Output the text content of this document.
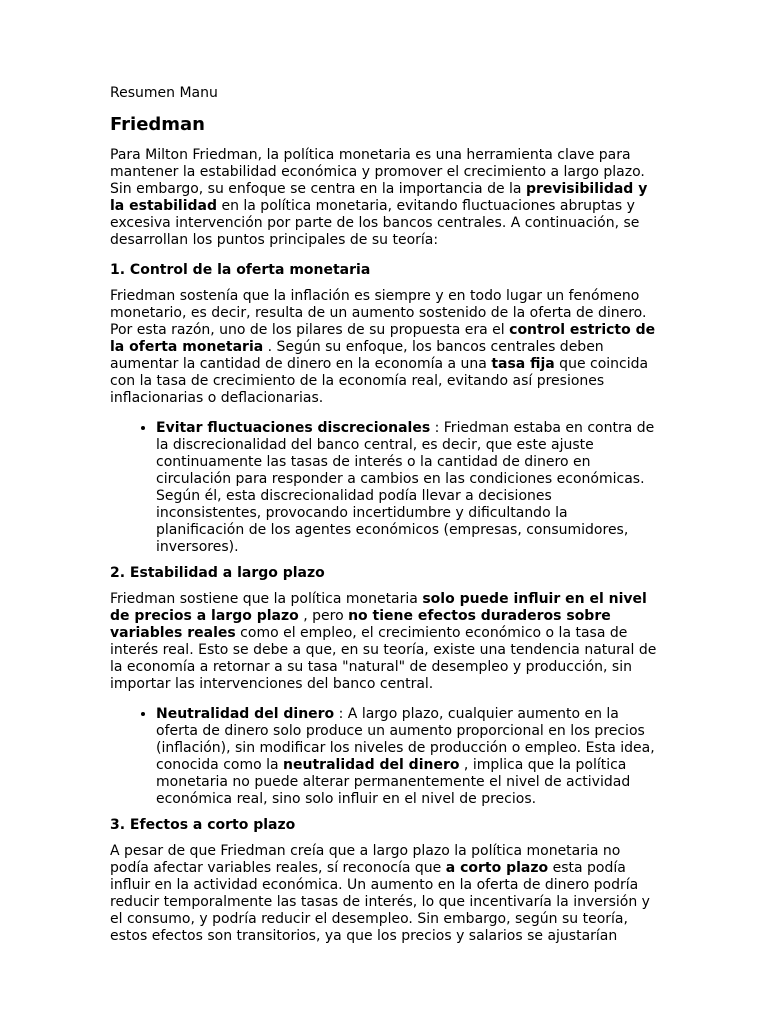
Resumen Manu
Friedman

Para Milton Friedman, la política monetaria es una herramienta clave para mantener la estabilidad económica y promover el crecimiento a largo plazo. Sin embargo, su enfoque se centra en la importancia de la previsibilidad y la estabilidad en la política monetaria, evitando fluctuaciones abruptas y excesiva intervención por parte de los bancos centrales. A continuación, se desarrollan los puntos principales de su teoría:

1. Control de la oferta monetaria

Friedman sostenía que la inflación es siempre y en todo lugar un fenómeno monetario, es decir, resulta de un aumento sostenido de la oferta de dinero. Por esta razón, uno de los pilares de su propuesta era el control estricto de la oferta monetaria . Según su enfoque, los bancos centrales deben aumentar la cantidad de dinero en la economía a una tasa fija que coincida con la tasa de crecimiento de la economía real, evitando así presiones inflacionarias o deflacionarias.

• Evitar fluctuaciones discrecionales : Friedman estaba en contra de la discrecionalidad del banco central, es decir, que este ajuste continuamente las tasas de interés o la cantidad de dinero en circulación para responder a cambios en las condiciones económicas. Según él, esta discrecionalidad podía llevar a decisiones inconsistentes, provocando incertidumbre y dificultando la planificación de los agentes económicos (empresas, consumidores, inversores).
2. Estabilidad a largo plazo

Friedman sostiene que la política monetaria solo puede influir en el nivel de precios a largo plazo , pero no tiene efectos duraderos sobre variables reales como el empleo, el crecimiento económico o la tasa de interés real. Esto se debe a que, en su teoría, existe una tendencia natural de la economía a retornar a su tasa "natural" de desempleo y producción, sin importar las intervenciones del banco central.

• Neutralidad del dinero : A largo plazo, cualquier aumento en la oferta de dinero solo produce un aumento proporcional en los precios (inflación), sin modificar los niveles de producción o empleo. Esta idea, conocida como la neutralidad del dinero , implica que la política monetaria no puede alterar permanentemente el nivel de actividad económica real, sino solo influir en el nivel de precios.
3. Efectos a corto plazo

A pesar de que Friedman creía que a largo plazo la política monetaria no podía afectar variables reales, sí reconocía que a corto plazo esta podía influir en la actividad económica. Un aumento en la oferta de dinero podría reducir temporalmente las tasas de interés, lo que incentivaría la inversión y el consumo, y podría reducir el desempleo. Sin embargo, según su teoría, estos efectos son transitorios, ya que los precios y salarios se ajustarían
